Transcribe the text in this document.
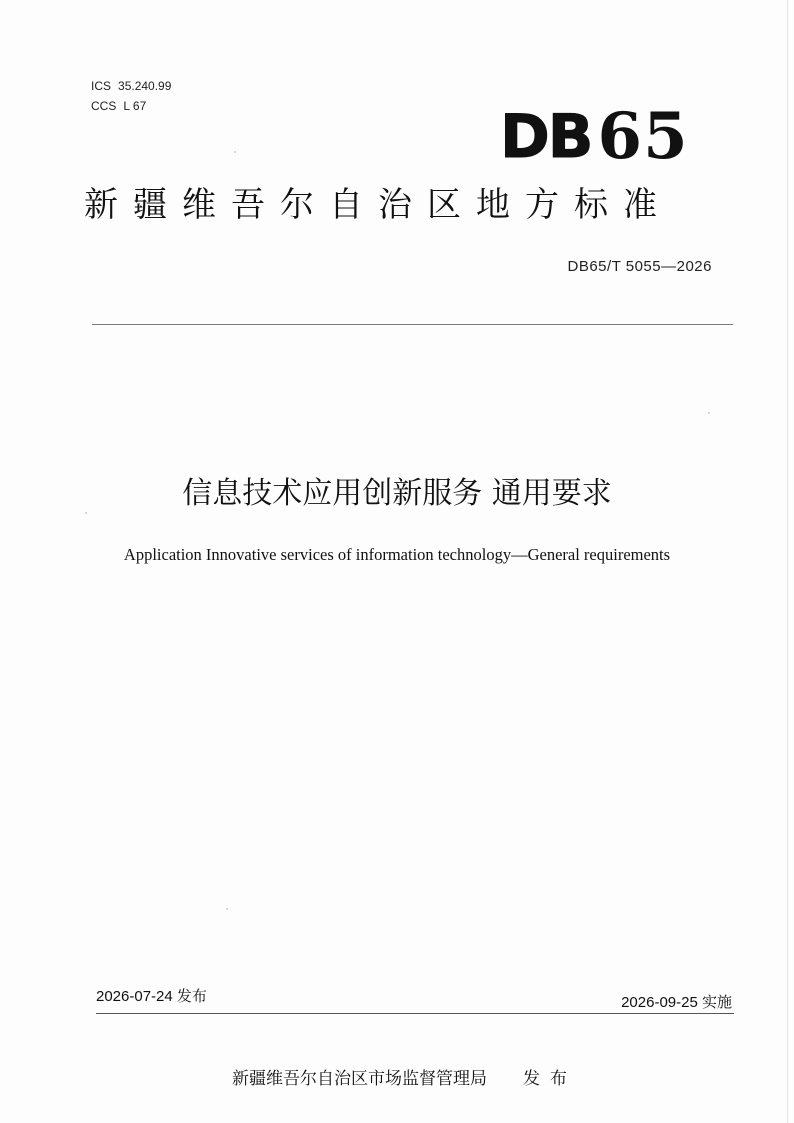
ICS 35.240.99
CCS L 67	DB 65
新疆维吾尔自治区地方标准
DB65/T 5055—2026
信息技术应用创新服务 通用要求
Application Innovative services of information technology—General requirements
2026-07-24 发布	2026-09-25 实施
新疆维吾尔自治区市场监督管理局 发布
